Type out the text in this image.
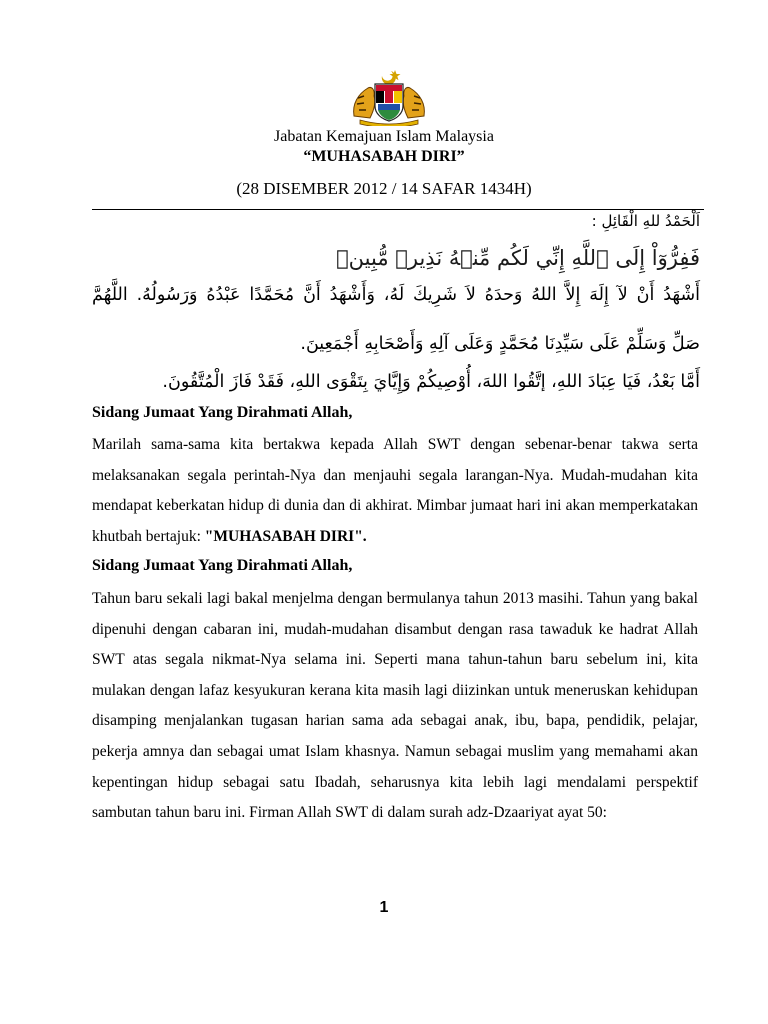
Jabatan Kemajuan Islam Malaysia
“MUHASABAH DIRI”
(28 DISEMBER 2012 / 14 SAFAR 1434H)
اَلْحَمْدُ للهِ الْقَائِلِ :
فَفِرُّوٓاْ إِلَى ٱللَّهِ إِنِّي لَكُم مِّنۡهُ نَذِيرٞ مُّبِينٞ
أَشْهَدُ أَنْ لآ إِلَهَ إِلاَّ اللهُ وَحدَهُ لاَ شَرِيكَ لَهُ، وَأَشْهَدُ أَنَّ مُحَمَّدًا عَبْدُهُ وَرَسُولُهُ. اللَّهُمَّ
صَلِّ وَسَلِّمْ عَلَى سَيِّدِنَا مُحَمَّدٍ وَعَلَى آلِهِ وَأَصْحَابِهِ أَجْمَعِينَ.
أَمَّا بَعْدُ، فَيَا عِبَادَ اللهِ، إتَّقُوا اللهَ، أُوْصِيكُمْ وَإِيَّايَ بِتَقْوَى اللهِ، فَقَدْ فَازَ الْمُتَّقُونَ.
Sidang Jumaat Yang Dirahmati Allah,
Marilah sama-sama kita bertakwa kepada Allah SWT dengan sebenar-benar takwa serta melaksanakan segala perintah-Nya dan menjauhi segala larangan-Nya. Mudah-mudahan kita mendapat keberkatan hidup di dunia dan di akhirat. Mimbar jumaat hari ini akan memperkatakan khutbah bertajuk: "MUHASABAH DIRI".
Sidang Jumaat Yang Dirahmati Allah,
Tahun baru sekali lagi bakal menjelma dengan bermulanya tahun 2013 masihi. Tahun yang bakal dipenuhi dengan cabaran ini, mudah-mudahan disambut dengan rasa tawaduk ke hadrat Allah SWT atas segala nikmat-Nya selama ini. Seperti mana tahun-tahun baru sebelum ini, kita mulakan dengan lafaz kesyukuran kerana kita masih lagi diizinkan untuk meneruskan kehidupan disamping menjalankan tugasan harian sama ada sebagai anak, ibu, bapa, pendidik, pelajar, pekerja amnya dan sebagai umat Islam khasnya. Namun sebagai muslim yang memahami akan kepentingan hidup sebagai satu Ibadah, seharusnya kita lebih lagi mendalami perspektif sambutan tahun baru ini. Firman Allah SWT di dalam surah adz-Dzaariyat ayat 50:
1
